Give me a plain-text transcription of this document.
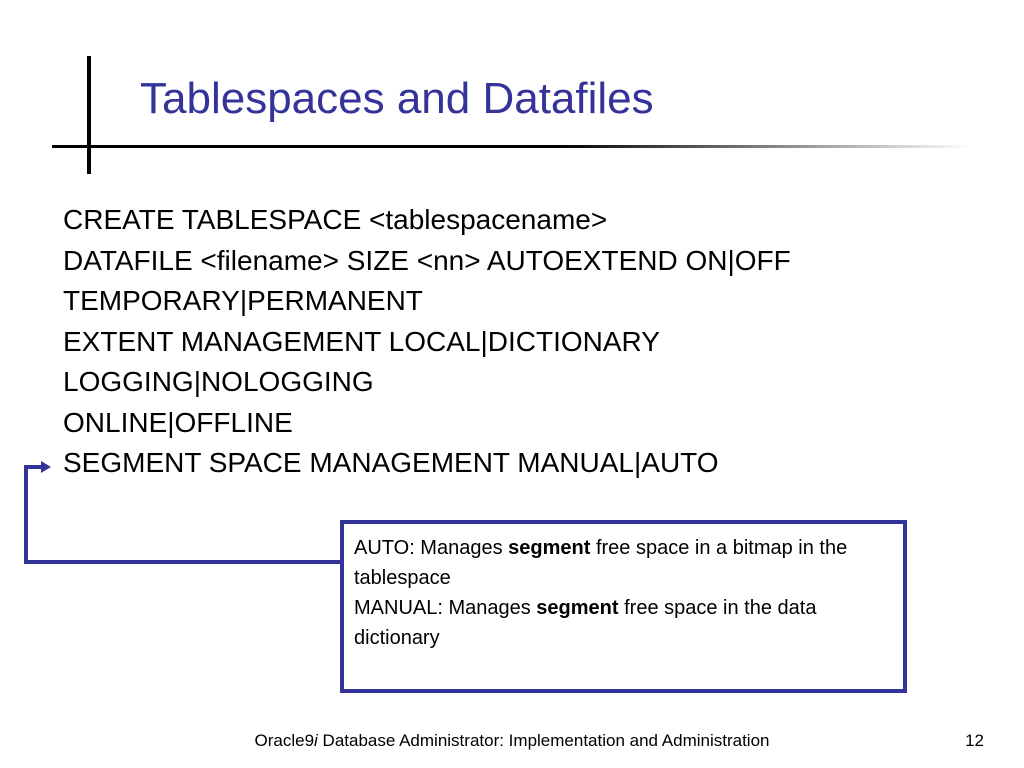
Tablespaces and Datafiles
CREATE TABLESPACE <tablespacename>
DATAFILE <filename> SIZE <nn> AUTOEXTEND ON|OFF
TEMPORARY|PERMANENT
EXTENT MANAGEMENT LOCAL|DICTIONARY
LOGGING|NOLOGGING
ONLINE|OFFLINE
SEGMENT SPACE MANAGEMENT MANUAL|AUTO
AUTO: Manages segment free space in a bitmap in the tablespace
MANUAL: Manages segment free space in the data dictionary
Oracle9i Database Administrator: Implementation and Administration	12
